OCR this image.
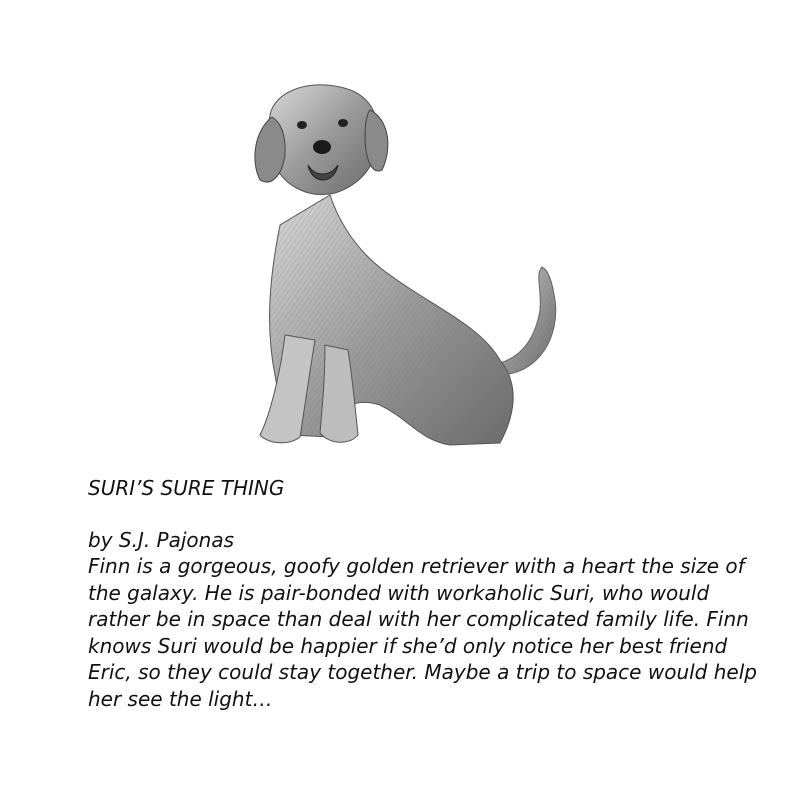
SURI’S SURE THING

by S.J. Pajonas

Finn is a gorgeous, goofy golden retriever with a heart the size of the galaxy. He is pair-bonded with workaholic Suri, who would rather be in space than deal with her complicated family life. Finn knows Suri would be happier if she’d only notice her best friend Eric, so they could stay together. Maybe a trip to space would help her see the light…
